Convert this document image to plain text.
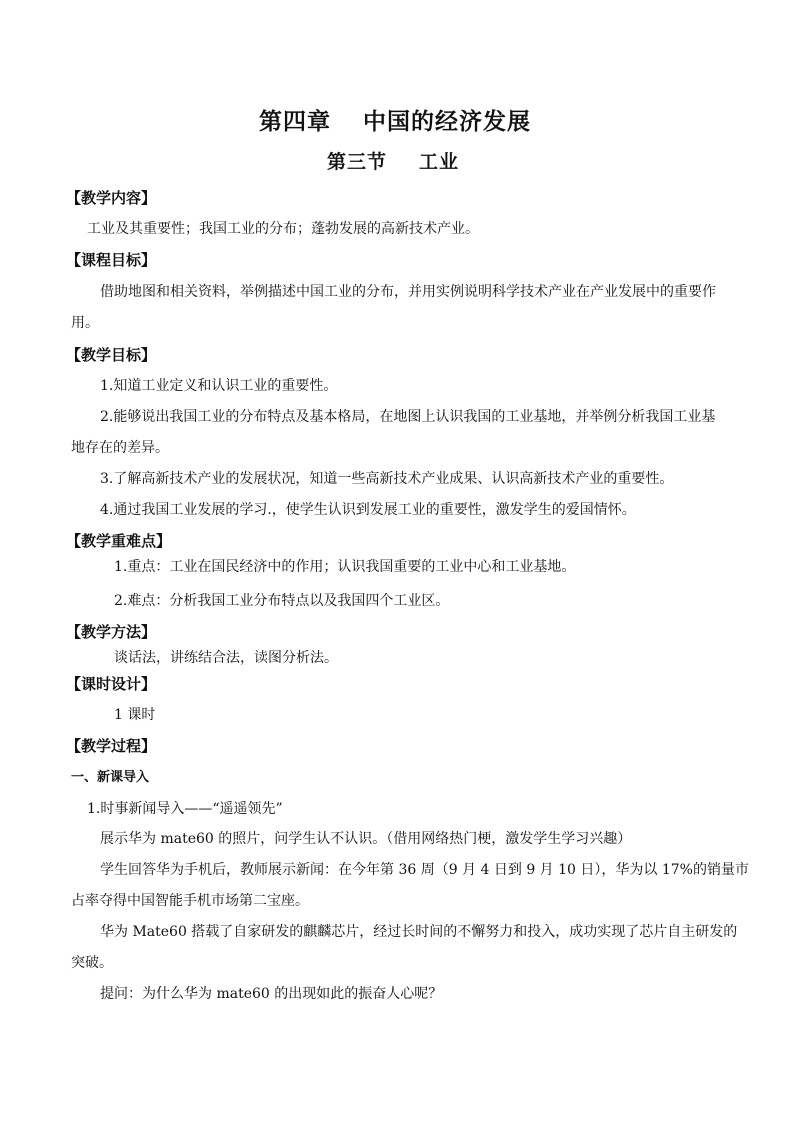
第四章 中国的经济发展
第三节 工业
【教学内容】
工业及其重要性；我国工业的分布；蓬勃发展的高新技术产业。
【课程目标】
借助地图和相关资料，举例描述中国工业的分布，并用实例说明科学技术产业在产业发展中的重要作
用。
【教学目标】
1.知道工业定义和认识工业的重要性。
2.能够说出我国工业的分布特点及基本格局，在地图上认识我国的工业基地，并举例分析我国工业基
地存在的差异。
3.了解高新技术产业的发展状况，知道一些高新技术产业成果、认识高新技术产业的重要性。
4.通过我国工业发展的学习.，使学生认识到发展工业的重要性，激发学生的爱国情怀。
【教学重难点】
1.重点：工业在国民经济中的作用；认识我国重要的工业中心和工业基地。
2.难点：分析我国工业分布特点以及我国四个工业区。
【教学方法】
谈话法，讲练结合法，读图分析法。
【课时设计】
1 课时
【教学过程】
一、新课导入
1.时事新闻导入——“遥遥领先”
展示华为 mate60 的照片，问学生认不认识。（借用网络热门梗，激发学生学习兴趣）
学生回答华为手机后，教师展示新闻：在今年第 36 周（9 月 4 日到 9 月 10 日），华为以 17%的销量市
占率夺得中国智能手机市场第二宝座。
华为 Mate60 搭载了自家研发的麒麟芯片，经过长时间的不懈努力和投入，成功实现了芯片自主研发的
突破。
提问：为什么华为 mate60 的出现如此的振奋人心呢？
